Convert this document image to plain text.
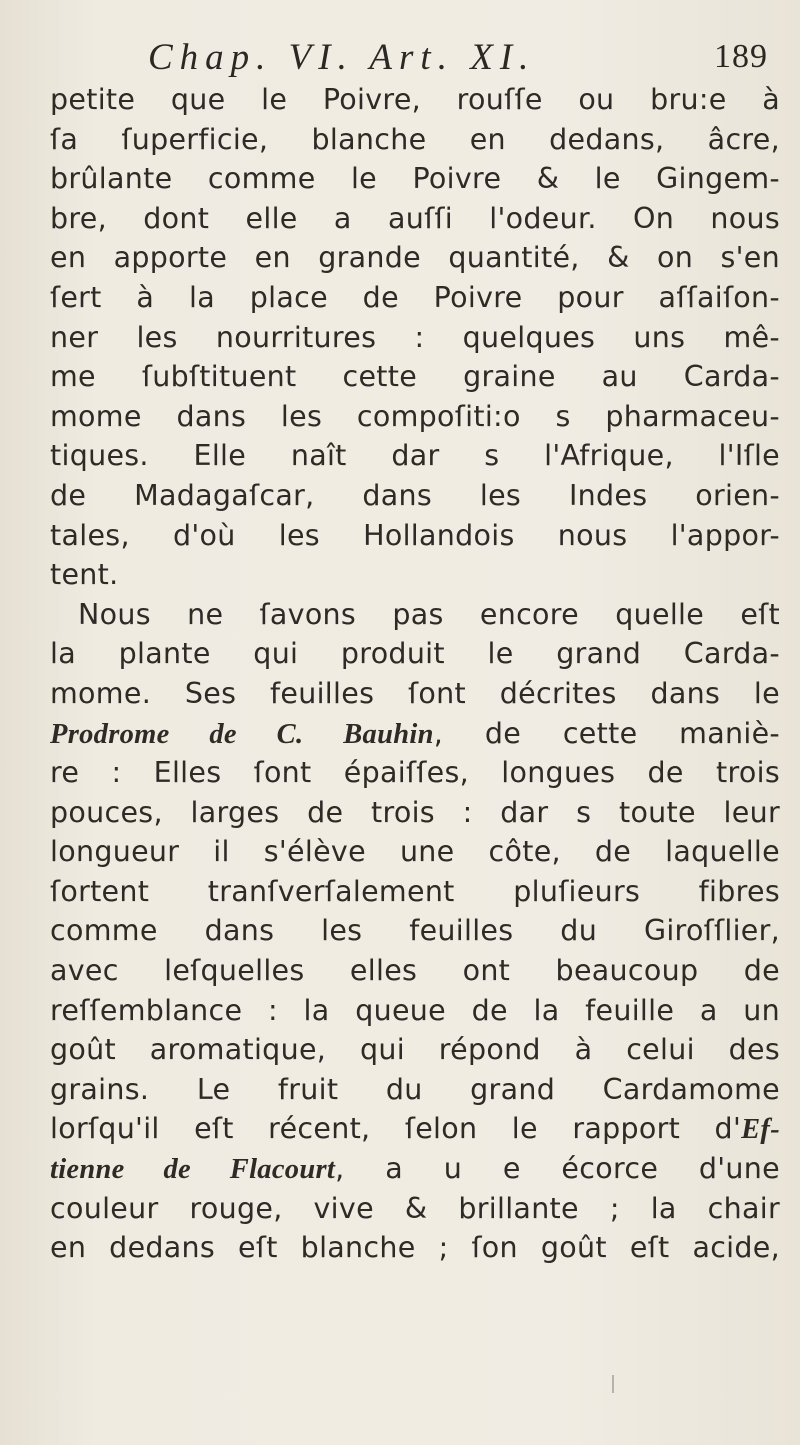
Chap. VI. Art. XI.	189
petite que le Poivre, rouſſe ou bru:e à
ſa ſuperficie, blanche en dedans, âcre,
brûlante comme le Poivre & le Gingem-
bre, dont elle a auſſi l'odeur. On nous
en apporte en grande quantité, & on s'en
ſert à la place de Poivre pour aſſaiſon-
ner les nourritures : quelques uns mê-
me ſubſtituent cette graine au Carda-
mome dans les compoſiti:o s pharmaceu-
tiques. Elle naît dar s l'Afrique, l'Iſle
de Madagaſcar, dans les Indes orien-
tales, d'où les Hollandois nous l'appor-
tent.
Nous ne ſavons pas encore quelle eſt
la plante qui produit le grand Carda-
mome. Ses feuilles ſont décrites dans le
Prodrome de C. Bauhin, de cette maniè-
re : Elles ſont épaiſſes, longues de trois
pouces, larges de trois : dar s toute leur
longueur il s'élève une côte, de laquelle
ſortent tranſverſalement pluſieurs fibres
comme dans les feuilles du Giroſſlier,
avec leſquelles elles ont beaucoup de
reſſemblance : la queue de la feuille a un
goût aromatique, qui répond à celui des
grains. Le fruit du grand Cardamome
lorſqu'il eſt récent, ſelon le rapport d'Ef-
tienne de Flacourt, a u e écorce d'une
couleur rouge, vive & brillante ; la chair
en dedans eſt blanche ; ſon goût eſt acide,
